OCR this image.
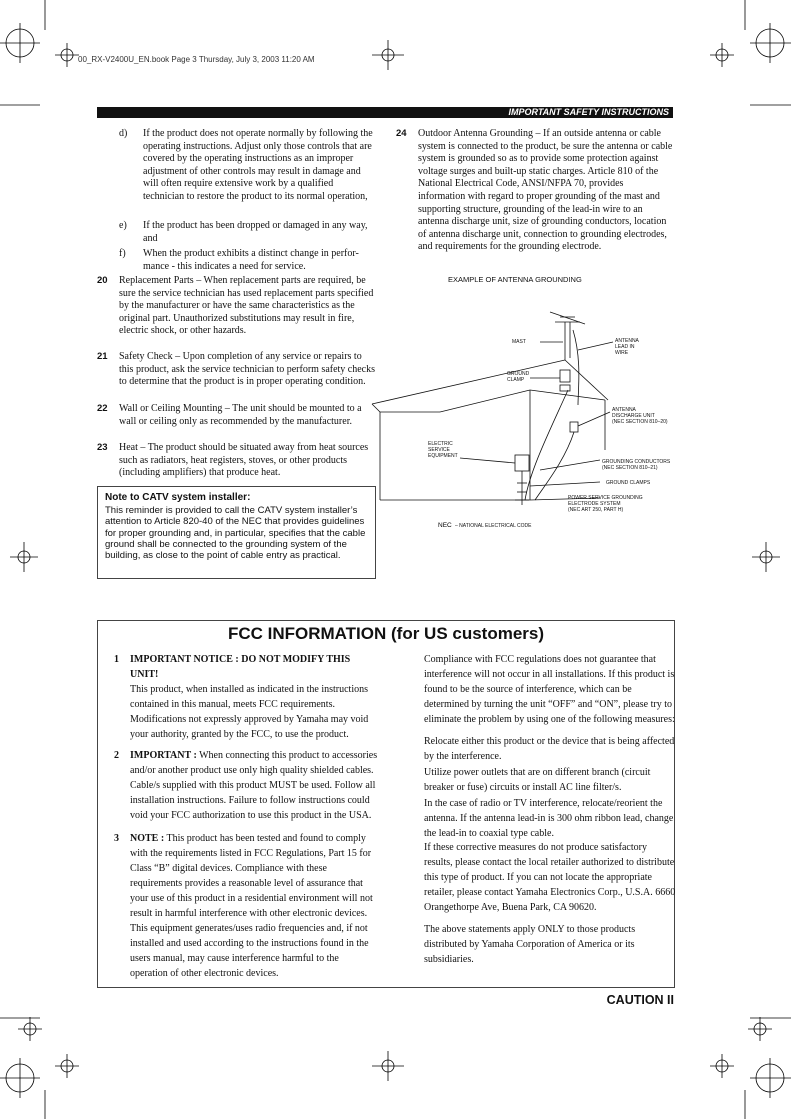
00_RX-V2400U_EN.book Page 3 Thursday, July 3, 2003 11:20 AM
IMPORTANT SAFETY INSTRUCTIONS
d) If the product does not operate normally by following the operating instructions. Adjust only those controls that are covered by the operating instructions as an improper adjustment of other controls may result in damage and will often require extensive work by a qualified technician to restore the product to its normal operation,
e) If the product has been dropped or damaged in any way, and
f) When the product exhibits a distinct change in perfor-mance - this indicates a need for service.
20 Replacement Parts – When replacement parts are required, be sure the service technician has used replacement parts specified by the manufacturer or have the same characteristics as the original part. Unauthorized substitutions may result in fire, electric shock, or other hazards.
21 Safety Check – Upon completion of any service or repairs to this product, ask the service technician to perform safety checks to determine that the product is in proper operating condition.
22 Wall or Ceiling Mounting – The unit should be mounted to a wall or ceiling only as recommended by the manufacturer.
23 Heat – The product should be situated away from heat sources such as radiators, heat registers, stoves, or other products (including amplifiers) that produce heat.
Note to CATV system installer:
This reminder is provided to call the CATV system installer’s attention to Article 820-40 of the NEC that provides guidelines for proper grounding and, in particular, specifies that the cable ground shall be connected to the grounding system of the building, as close to the point of cable entry as practical.
24 Outdoor Antenna Grounding – If an outside antenna or cable system is connected to the product, be sure the antenna or cable system is grounded so as to provide some protection against voltage surges and built-up static charges. Article 810 of the National Electrical Code, ANSI/NFPA 70, provides information with regard to proper grounding of the mast and supporting structure, grounding of the lead-in wire to an antenna discharge unit, size of grounding conductors, location of antenna discharge unit, connection to grounding electrodes, and requirements for the grounding electrode.
EXAMPLE OF ANTENNA GROUNDING
MAST	ANTENNA
LEAD IN
WIRE
GROUND
CLAMP
ANTENNA
DISCHARGE UNIT
(NEC SECTION 810–20)
ELECTRIC
SERVICE
EQUIPMENT
GROUNDING CONDUCTORS
(NEC SECTION 810–21)
GROUND CLAMPS
POWER SERVICE GROUNDING
ELECTRODE SYSTEM
(NEC ART 250, PART H)
NEC – NATIONAL ELECTRICAL CODE
FCC INFORMATION (for US customers)
1 IMPORTANT NOTICE : DO NOT MODIFY THIS UNIT!
This product, when installed as indicated in the instructions contained in this manual, meets FCC requirements. Modifications not expressly approved by Yamaha may void your authority, granted by the FCC, to use the product.
2 IMPORTANT : When connecting this product to accessories and/or another product use only high quality shielded cables. Cable/s supplied with this product MUST be used. Follow all installation instructions. Failure to follow instructions could void your FCC authorization to use this product in the USA.
3 NOTE : This product has been tested and found to comply with the requirements listed in FCC Regulations, Part 15 for Class “B” digital devices. Compliance with these requirements provides a reasonable level of assurance that your use of this product in a residential environment will not result in harmful interference with other electronic devices.
This equipment generates/uses radio frequencies and, if not installed and used according to the instructions found in the users manual, may cause interference harmful to the operation of other electronic devices.

Compliance with FCC regulations does not guarantee that interference will not occur in all installations. If this product is found to be the source of interference, which can be determined by turning the unit “OFF” and “ON”, please try to eliminate the problem by using one of the following measures:

Relocate either this product or the device that is being affected by the interference.

Utilize power outlets that are on different branch (circuit breaker or fuse) circuits or install AC line filter/s.

In the case of radio or TV interference, relocate/reorient the antenna. If the antenna lead-in is 300 ohm ribbon lead, change the lead-in to coaxial type cable.

If these corrective measures do not produce satisfactory results, please contact the local retailer authorized to distribute this type of product. If you can not locate the appropriate retailer, please contact Yamaha Electronics Corp., U.S.A. 6660 Orangethorpe Ave, Buena Park, CA 90620.

The above statements apply ONLY to those products distributed by Yamaha Corporation of America or its subsidiaries.

CAUTION II
